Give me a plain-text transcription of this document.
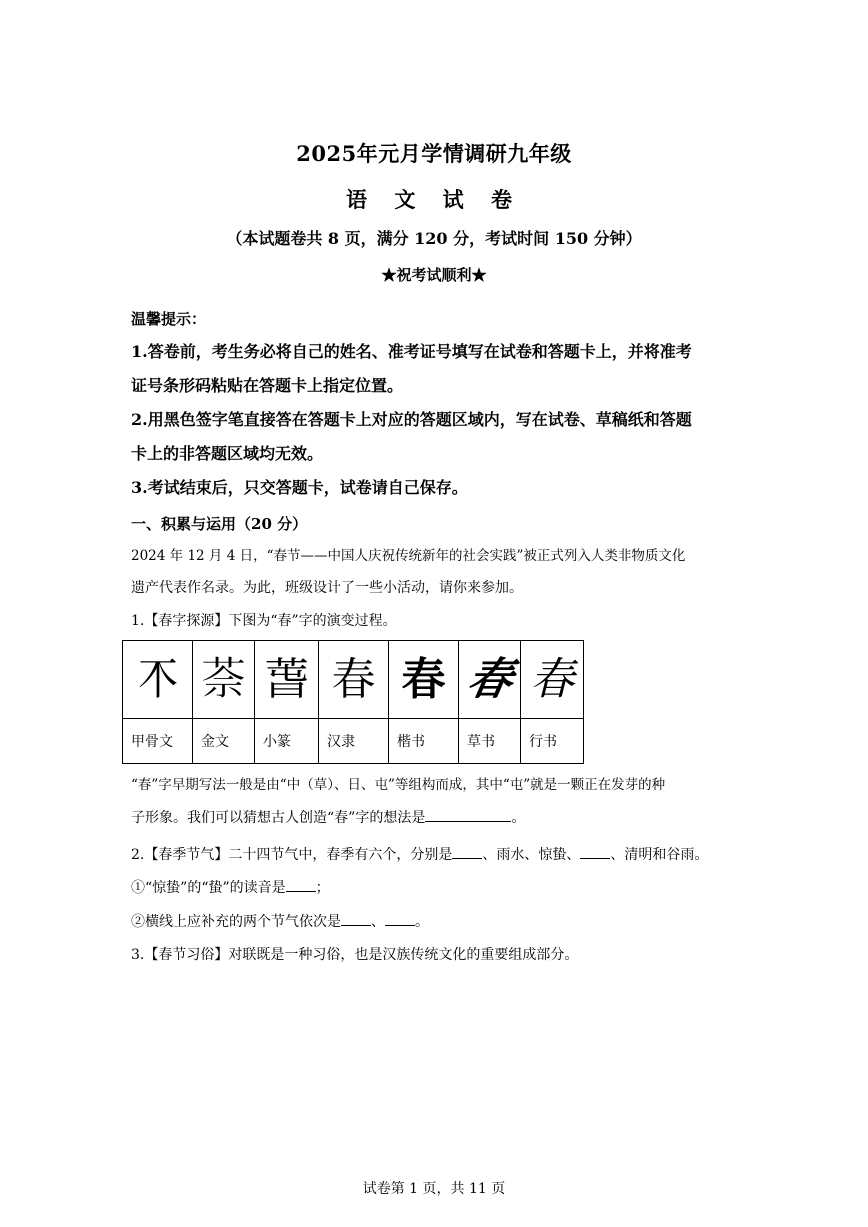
2025年元月学情调研九年级
语 文 试 卷
（本试题卷共 8 页，满分 120 分，考试时间 150 分钟）
★祝考试顺利★
温馨提示：
1.答卷前，考生务必将自己的姓名、准考证号填写在试卷和答题卡上，并将准考
证号条形码粘贴在答题卡上指定位置。
2.用黑色签字笔直接答在答题卡上对应的答题区域内，写在试卷、草稿纸和答题
卡上的非答题区域均无效。
3.考试结束后，只交答题卡，试卷请自己保存。
一、积累与运用（20 分）
2024 年 12 月 4 日，“春节——中国人庆祝传统新年的社会实践”被正式列入人类非物质文化
遗产代表作名录。为此，班级设计了一些小活动，请你来参加。
1.【春字探源】下图为“春”字的演变过程。
𣎴	𦯬	萅	春	春	春	春
甲骨文	金文	小篆	汉隶	楷书	草书	行书
“春”字早期写法一般是由“中（草）、日、屯”等组构而成，其中“屯”就是一颗正在发芽的种
子形象。我们可以猜想古人创造“春”字的想法是	。
2.【春季节气】二十四节气中，春季有六个，分别是 、雨水、惊蛰、 、清明和谷雨。
①“惊蛰”的“蛰”的读音是 ；
②横线上应补充的两个节气依次是 、 。
3.【春节习俗】对联既是一种习俗，也是汉族传统文化的重要组成部分。
试卷第 1 页，共 11 页
